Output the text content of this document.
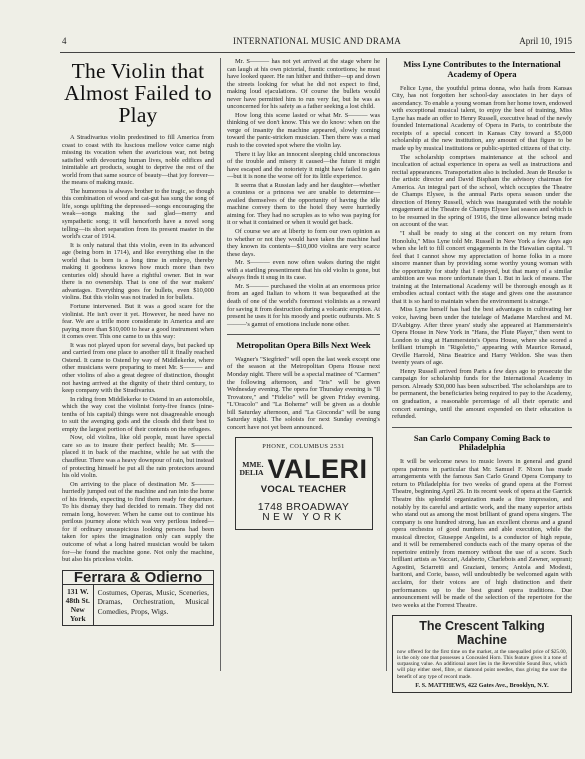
4	INTERNATIONAL MUSIC AND DRAMA	April 10, 1915
The Violin that Almost Failed to Play

A Stradivarius violin predestined to fill America from coast to coast with its luscious mellow voice came nigh missing its vocation when the avaricious war, not being satisfied with devouring human lives, noble edifices and inimitable art products, sought to deprive the rest of the world from that same source of beauty—that joy forever—the means of making music.

The humorous is always brother to the tragic, so though this combination of wood and cat-gut has sung the song of life, songs uplifting the depressed—songs encouraging the weak—songs making the sad glad—merry and sympathetic song; it will henceforth have a novel song telling—its short separation from its present master in the world's czar of 1914.

It is only natural that this violin, even in its advanced age (being born in 1714), and like everything else in the world that is born is a long time in embryo, thereby making it goodness knows how much more than two centuries old) should have a rightful owner. But in war there is no ownership. That is one of the war makers' advantages. Everything goes for bullets, even $10,000 violins. But this violin was not traded in for bullets.

Fortune intervened. But it was a good scare for the violinist. He isn't over it yet. However, he need have no fear. We are a trifle more considerate in America and are paying more than $10,000 to hear a good instrument when it comes over. This one came to us this way:

It was not played upon for several days, but packed up and carried from one place to another till it finally reached Ostend. It came to Ostend by way of Middlekerke, where other musicians were preparing to meet Mr. S——— and other violins of also a great degree of distinction, thought not having arrived at the dignity of their third century, to keep company with the Stradivarius.

In riding from Middlekerke to Ostend in an automobile, which the way cost the violinist forty-five francs (nine-tenths of his capital) things were not disagreeable enough to suit the avenging gods and the clouds did their best to empty the largest portion of their contents on the refugees.

Now, old violins, like old people, must have special care so as to insure their perfect health; Mr. S——— placed it in back of the machine, while he sat with the chauffeur. There was a heavy downpour of rain, but instead of protecting himself he put all the rain protectors around his old violin.

On arriving to the place of destination Mr. S——— hurriedly jumped out of the machine and ran into the home of his friends, expecting to find them ready for departure. To his dismay they had decided to remain. They did not remain long, however. When he came out to continue his perilous journey alone which was very perilous indeed—for if ordinary unsuspicious looking persons had been taken for spies the imagination only can supply the outcome of what a long haired musician would be taken for—he found the machine gone. Not only the machine, but also his priceless violin.

Ferrara & Odierno
131 W. 48th St.
New York
Costumes, Operas, Music, Sceneries, Dramas, Orchestration, Musical Comedies, Props, Wigs.

Mr. S——— has not yet arrived at the stage where he can laugh at his own pictorial, frantic contortions; he must have looked queer. He ran hither and thither—up and down the streets looking for what he did not expect to find, making loud ejaculations. Of course the bullets would never have permitted him to run very far, but he was as unconcerned for his safety as a father seeking a lost child.

How long this scene lasted or what Mr. S——— was thinking of we don't know. This we do know: when on the verge of insanity the machine appeared, slowly coming toward the panic-stricken musician. Then there was a mad rush to the coveted spot where the violin lay.

There it lay like an innocent sleeping child unconscious of the trouble and misery it caused—the future it might have escaped and the notoriety it might have failed to gain—but it is none the worse off for its little experience.

It seems that a Russian lady and her daughter—whether a countess or a princess we are unable to determine—availed themselves of the opportunity of having the idle machine convey them to the hotel they were hurriedly aiming for. They had no scruples as to who was paying for it or what it contained or when it would get back.

Of course we are at liberty to form our own opinion as to whether or not they would have taken the machine had they known its contents—$10,000 violins are very scarce these days.

Mr. S——— even now often wakes during the night with a startling presentiment that his old violin is gone, but always finds it snug in its case.

Mr. S——— purchased the violin at an enormous price from an aged Italian to whom it was bequeathed at the death of one of the world's foremost violinists as a reward for saving it from destruction during a volcanic eruption. At present he uses it for his moody and poetic outbursts. Mr. S———'s gamut of emotions include none other.

Metropolitan Opera Bills Next Week

Wagner's "Siegfried" will open the last week except one of the season at the Metropolitan Opera House next Monday night. There will be a special matinee of "Carmen" the following afternoon, and "Iris" will be given Wednesday evening. The opera for Thursday evening is "Il Trovatore," and "Fidelio" will be given Friday evening. "L'Oracolo" and "La Boheme" will be given as a double bill Saturday afternoon, and "La Gioconda" will be sung Saturday night. The soloists for next Sunday evening's concert have not yet been announced.

PHONE, COLUMBUS 2531
MME.
DELIA VALERI
VOCAL TEACHER
1748 BROADWAY
NEW YORK
Miss Lyne Contributes to the International Academy of Opera

Felice Lyne, the youthful prima donna, who hails from Kansas City, has not forgotten her school-day associates in her days of ascendancy. To enable a young woman from her home town, endowed with exceptional musical talent, to enjoy the best of training, Miss Lyne has made an offer to Henry Russell, executive head of the newly founded International Academy of Opera in Paris, to contribute the receipts of a special concert in Kansas City toward a $5,000 scholarship at the new institution, any amount of that figure to be made up by musical institutions or public-spirited citizens of that city.

The scholarship comprises maintenance at the school and inculcation of actual experience in opera as well as instructions and recital appearances. Transportation also is included. Jean de Reszke is the artistic director and David Bispham the advisory chairman for America. An integral part of the school, which occupies the Theatre de Champs Elysee, is the annual Paris opera season under the direction of Henry Russell, which was inaugurated with the notable engagement at the Theatre de Champs Elysee last season and which is to be resumed in the spring of 1916, the time allowance being made on account of the war.

"I shall be ready to sing at the concert on my return from Honolulu," Miss Lyne told Mr. Russell in New York a few days ago when she left to fill concert engagements in the Hawaiian capital. "I feel that I cannot show my appreciation of home folks in a more sincere manner than by providing some worthy young woman with the opportunity for study that I enjoyed, but that many of a similar ambition are was more unfortunate than I. But in lack of means. The training at the International Academy will be thorough enough as it embodies actual contact with the stage and gives one the assurance that it is so hard to maintain when the environment is strange."

Miss Lyne herself has had the best advantages in cultivating her voice, having been under the tutelage of Madame Marchesi and M. D'Aubigny. After three years' study she appeared at Hammerstein's Opera House in New York in "Hans, the Flute Player," then went to London to sing at Hammerstein's Opera House, where she scored a brilliant triumph in "Rigoletto," appearing with Maurice Renaud, Orville Harrold, Nina Beatrice and Harry Weldon. She was then twenty years of age.

Henry Russell arrived from Paris a few days ago to prosecute the campaign for scholarship funds for the International Academy in person. Already $30,000 has been subscribed. The scholarships are to be permanent, the beneficiaries being required to pay to the Academy, on graduation, a reasonable percentage of all their operatic and concert earnings, until the amount expended on their education is refunded.

San Carlo Company Coming Back to Philadelphia

It will be welcome news to music lovers in general and grand opera patrons in particular that Mr. Samuel F. Nixon has made arrangements with the famous San Carlo Grand Opera Company to return to Philadelphia for two weeks of grand opera at the Forrest Theatre, beginning April 26. In its recent week of opera at the Garrick Theatre this splendid organization made a fine impression, and notably by its careful and artistic work, and the many superior artists who stand out as among the most brilliant of grand opera singers. The company is one hundred strong, has an excellent chorus and a grand opera orchestra of good numbers and able execution, while the musical director, Giuseppe Angelini, is a conductor of high repute, and it will be remembered conducts each of the many operas of the repertoire entirely from memory without the use of a score. Such brilliant artists as Vaccari, Adaberto, Charlebois and Zawner, soprani; Agostini, Sciarretti and Graziani, tenors; Antola and Modesti, baritoni, and Corie, basso, will undoubtedly be welcomed again with acclaim, for their voices are of high distinction and their performances up to the best grand opera traditions. Due announcement will be made of the selection of the repertoire for the two weeks at the Forrest Theatre.

The Crescent Talking Machine
now offered for the first time on the market, at the unequalled price of $25.00, is the only one that possesses a Concealed Horn. This feature gives it a tone of surpassing value. An additional asset lies in the Reversible Sound Box, which will play either steel, fibre, or diamond point needles, thus giving the user the benefit of any type of record made.
F. S. MATTHEWS, 422 Gates Ave., Brooklyn, N.Y.
